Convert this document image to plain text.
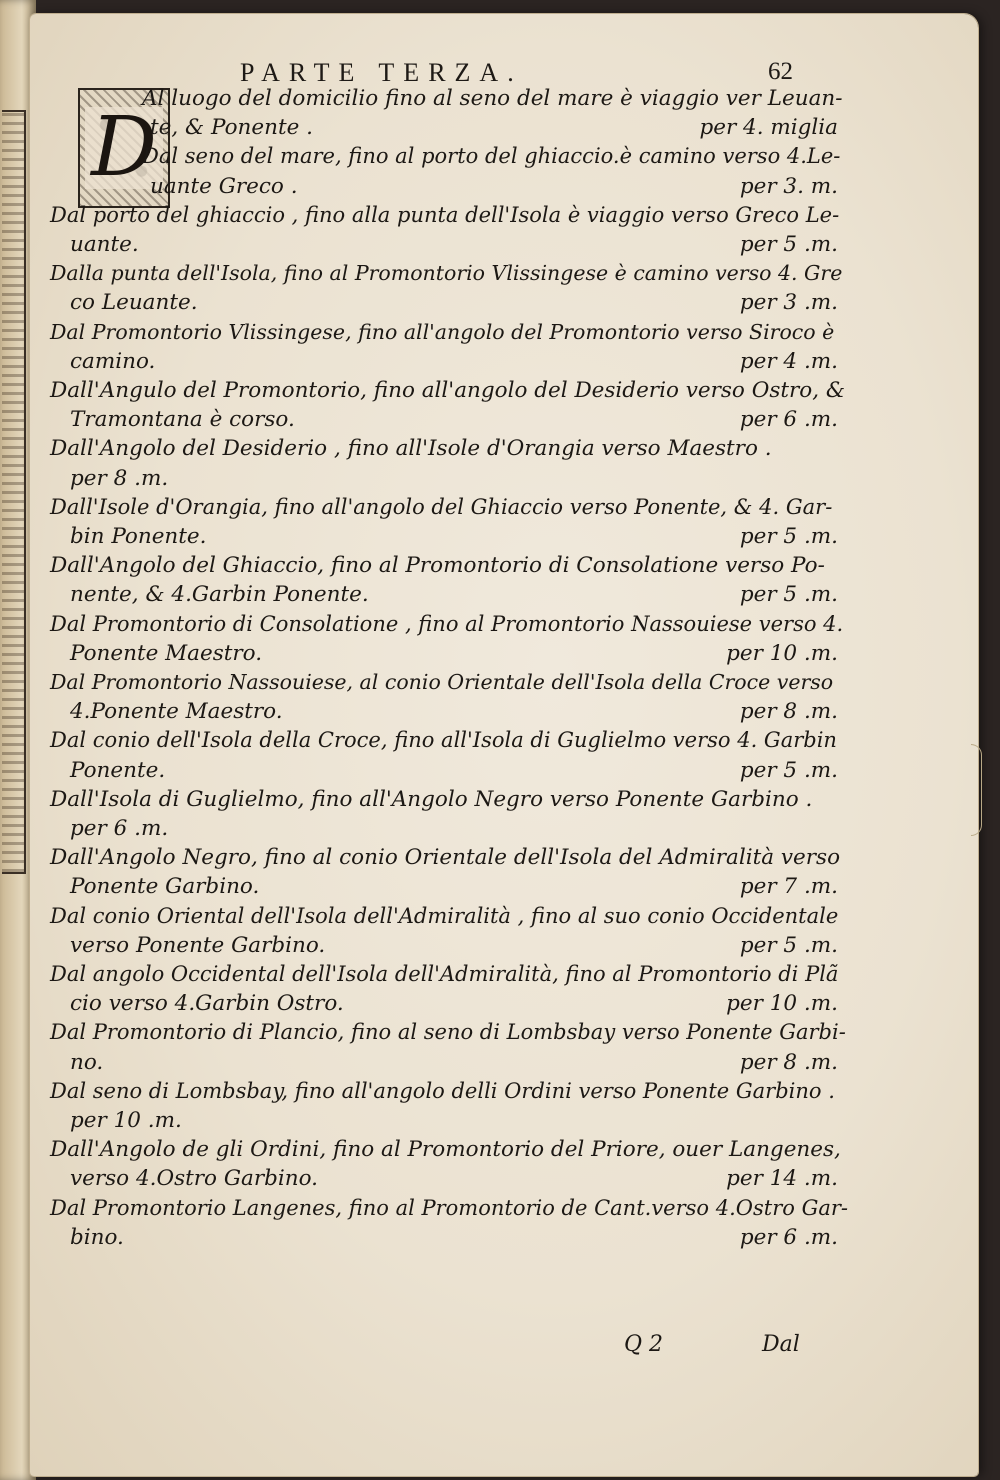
PARTE TERZA.	62
D
Al luogo del domicilio fino al seno del mare è viaggio ver Leuan-
te, & Ponente .	per 4. miglia
Dal seno del mare, fino al porto del ghiaccio.è camino verso 4.Le-
uante Greco .	per 3. m.
Dal porto del ghiaccio , fino alla punta dell'Isola è viaggio verso Greco Le-
uante.	per 5 .m.
Dalla punta dell'Isola, fino al Promontorio Vlissingese è camino verso 4. Gre
co Leuante.	per 3 .m.
Dal Promontorio Vlissingese, fino all'angolo del Promontorio verso Siroco è
camino.	per 4 .m.
Dall'Angulo del Promontorio, fino all'angolo del Desiderio verso Ostro, &
Tramontana è corso.	per 6 .m.
Dall'Angolo del Desiderio , fino all'Isole d'Orangia verso Maestro .
per 8 .m.
Dall'Isole d'Orangia, fino all'angolo del Ghiaccio verso Ponente, & 4. Gar-
bin Ponente.	per 5 .m.
Dall'Angolo del Ghiaccio, fino al Promontorio di Consolatione verso Po-
nente, & 4.Garbin Ponente.	per 5 .m.
Dal Promontorio di Consolatione , fino al Promontorio Nassouiese verso 4.
Ponente Maestro.	per 10 .m.
Dal Promontorio Nassouiese, al conio Orientale dell'Isola della Croce verso
4.Ponente Maestro.	per 8 .m.
Dal conio dell'Isola della Croce, fino all'Isola di Guglielmo verso 4. Garbin
Ponente.	per 5 .m.
Dall'Isola di Guglielmo, fino all'Angolo Negro verso Ponente Garbino .
per 6 .m.
Dall'Angolo Negro, fino al conio Orientale dell'Isola del Admiralità verso
Ponente Garbino.	per 7 .m.
Dal conio Oriental dell'Isola dell'Admiralità , fino al suo conio Occidentale
verso Ponente Garbino.	per 5 .m.
Dal angolo Occidental dell'Isola dell'Admiralità, fino al Promontorio di Plã
cio verso 4.Garbin Ostro.	per 10 .m.
Dal Promontorio di Plancio, fino al seno di Lombsbay verso Ponente Garbi-
no.	per 8 .m.
Dal seno di Lombsbay, fino all'angolo delli Ordini verso Ponente Garbino .
per 10 .m.
Dall'Angolo de gli Ordini, fino al Promontorio del Priore, ouer Langenes,
verso 4.Ostro Garbino.	per 14 .m.
Dal Promontorio Langenes, fino al Promontorio de Cant.verso 4.Ostro Gar-
bino.	per 6 .m.
Q 2	Dal
